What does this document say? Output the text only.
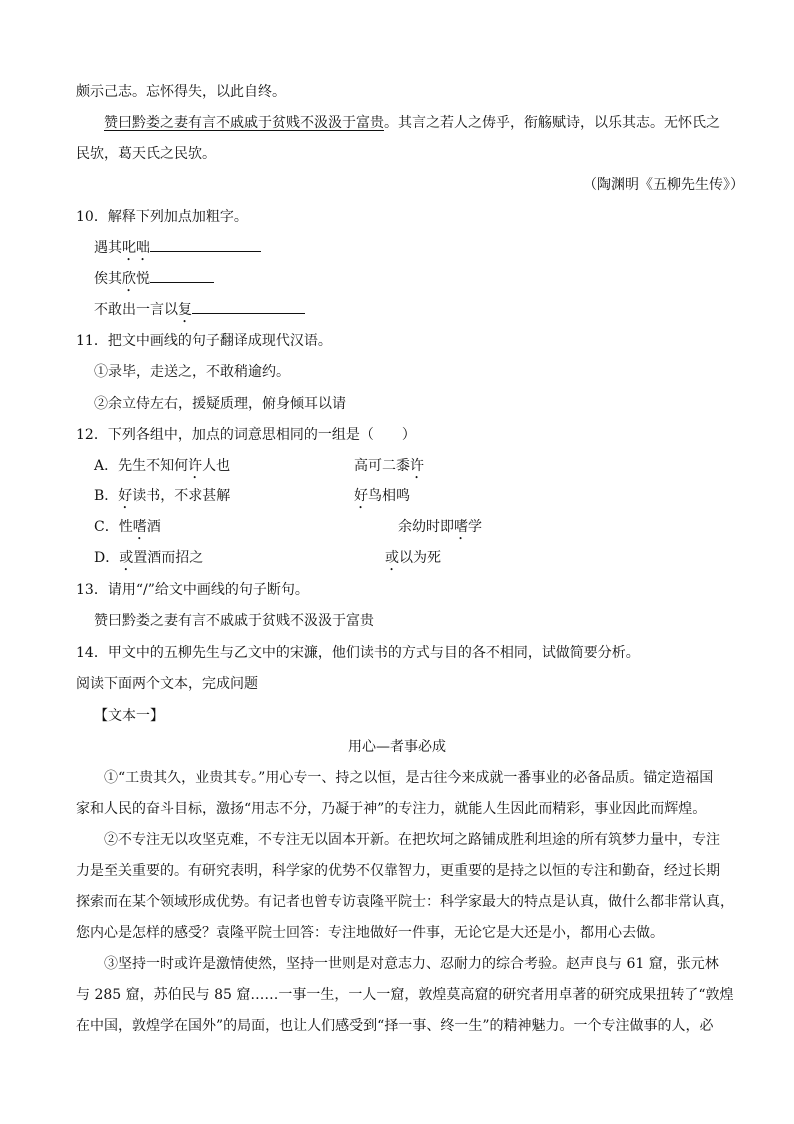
颇示己志。忘怀得失，以此自终。
赞曰黔娄之妻有言不戚戚于贫贱不汲汲于富贵。其言之若人之俦乎，衔觞赋诗，以乐其志。无怀氏之
民欤，葛天氏之民欤。
（陶渊明《五柳先生传》）
10．解释下列加点加粗字。
遇其叱咄
俟其欣悦
不敢出一言以复
11．把文中画线的句子翻译成现代汉语。
①录毕，走送之，不敢稍逾约。
②余立侍左右，援疑质理，俯身倾耳以请
12．下列各组中，加点的词意思相同的一组是（　　）
A．先生不知何许人也	高可二黍许
B．好读书，不求甚解	好鸟相鸣
C．性嗜酒	余幼时即嗜学
D．或置酒而招之	或以为死
13．请用“/”给文中画线的句子断句。
赞曰黔娄之妻有言不戚戚于贫贱不汲汲于富贵
14．甲文中的五柳先生与乙文中的宋濂，他们读书的方式与目的各不相同，试做简要分析。
阅读下面两个文本，完成问题
【文本一】
用心—者事必成
①“工贵其久，业贵其专。”用心专一、持之以恒，是古往今来成就一番事业的必备品质。锚定造福国
家和人民的奋斗目标，激扬“用志不分，乃凝于神”的专注力，就能人生因此而精彩，事业因此而辉煌。
②不专注无以攻坚克难，不专注无以固本开新。在把坎坷之路铺成胜利坦途的所有筑梦力量中，专注
力是至关重要的。有研究表明，科学家的优势不仅靠智力，更重要的是持之以恒的专注和勤奋，经过长期
探索而在某个领域形成优势。有记者也曾专访袁隆平院士：科学家最大的特点是认真，做什么都非常认真，
您内心是怎样的感受？袁隆平院士回答：专注地做好一件事，无论它是大还是小，都用心去做。
③坚持一时或许是激情使然，坚持一世则是对意志力、忍耐力的综合考验。赵声良与 61 窟，张元林
与 285 窟，苏伯民与 85 窟……一事一生，一人一窟，敦煌莫高窟的研究者用卓著的研究成果扭转了“敦煌
在中国，敦煌学在国外”的局面，也让人们感受到“择一事、终一生”的精神魅力。一个专注做事的人，必
